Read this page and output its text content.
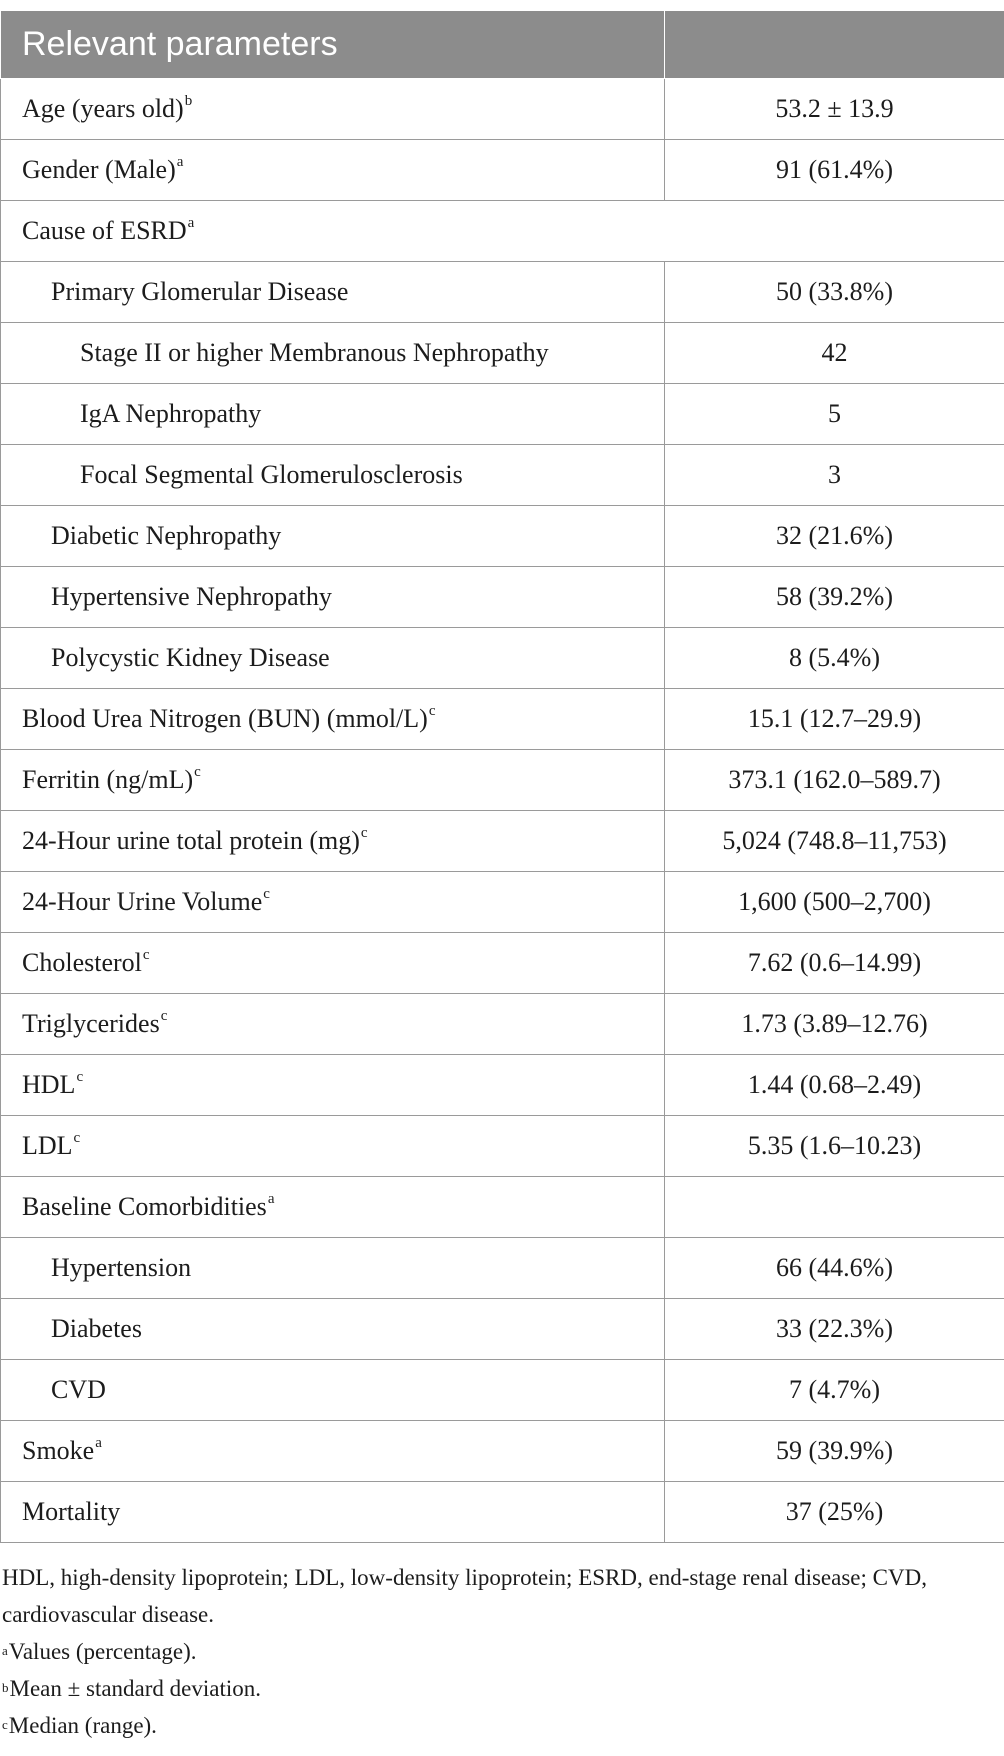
Relevant parameters	
Age (years old)$^b$	53.2 ± 13.9
Gender (Male)$^a$	91 (61.4%)
Cause of ESRD$^a$
Primary Glomerular Disease	50 (33.8%)
Stage II or higher Membranous Nephropathy	42
IgA Nephropathy	5
Focal Segmental Glomerulosclerosis	3
Diabetic Nephropathy	32 (21.6%)
Hypertensive Nephropathy	58 (39.2%)
Polycystic Kidney Disease	8 (5.4%)
Blood Urea Nitrogen (BUN) (mmol/L)$^c$	15.1 (12.7–29.9)
Ferritin $(ng/mL)^c$	373.1 (162.0–589.7)
24-Hour urine total protein (mg)$^c$	5,024 (748.8–11,753)
24-Hour Urine Volume$^c$	1,600 (500–2,700)
Cholesterol$^c$	7.62 (0.6–14.99)
Triglycerides$^c$	1.73 (3.89–12.76)
HDL$^c$	1.44 (0.68–2.49)
LDL$^c$	5.35 (1.6–10.23)
Baseline Comorbidities$^a$	
Hypertension	66 (44.6%)
Diabetes	33 (22.3%)
CVD	7 (4.7%)
Smoke$^a$	59 (39.9%)
Mortality	37 (25%)

HDL, high-density lipoprotein; LDL, low-density lipoprotein; ESRD, end-stage renal disease; CVD, cardiovascular disease.

$^a$Values (percentage).

$^b$Mean ± standard deviation.

$^c$Median (range).
